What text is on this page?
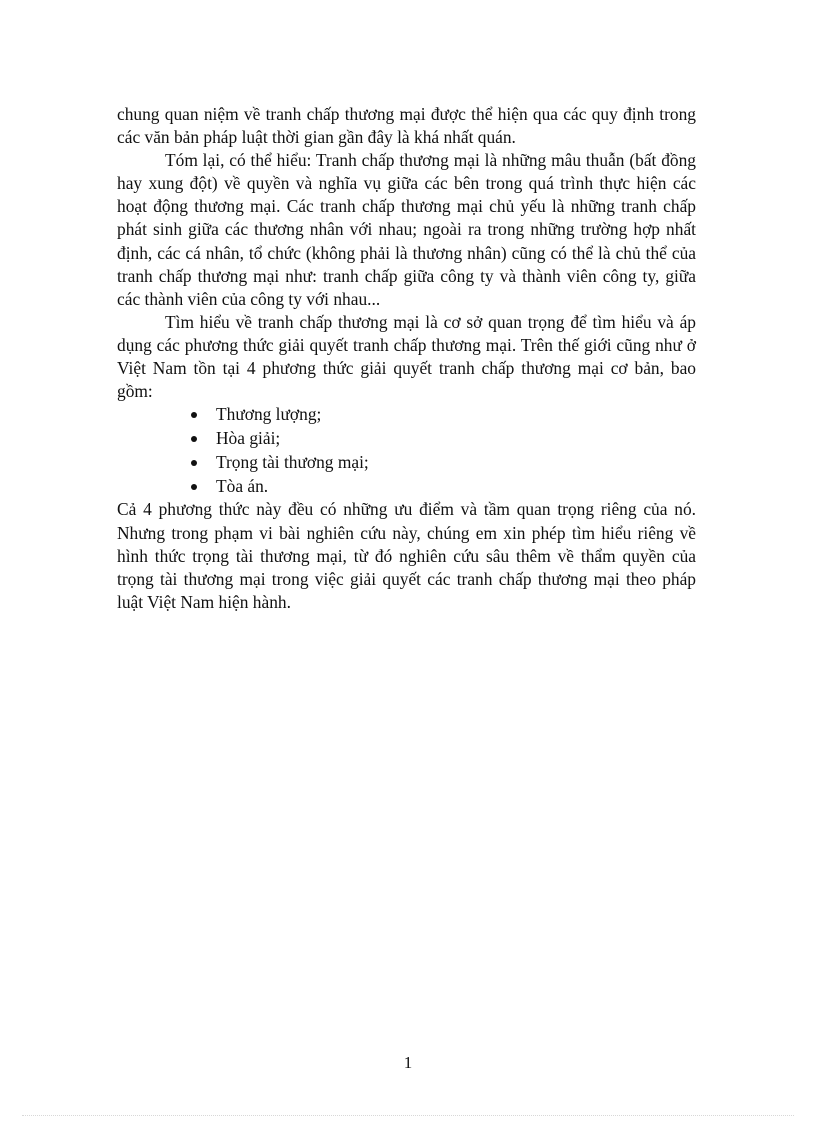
chung quan niệm về tranh chấp thương mại được thể hiện qua các quy định trong các văn bản pháp luật thời gian gần đây là khá nhất quán.

Tóm lại, có thể hiểu: Tranh chấp thương mại là những mâu thuẫn (bất đồng hay xung đột) về quyền và nghĩa vụ giữa các bên trong quá trình thực hiện các hoạt động thương mại. Các tranh chấp thương mại chủ yếu là những tranh chấp phát sinh giữa các thương nhân với nhau; ngoài ra trong những trường hợp nhất định, các cá nhân, tổ chức (không phải là thương nhân) cũng có thể là chủ thể của tranh chấp thương mại như: tranh chấp giữa công ty và thành viên công ty, giữa các thành viên của công ty với nhau...

Tìm hiểu về tranh chấp thương mại là cơ sở quan trọng để tìm hiểu và áp dụng các phương thức giải quyết tranh chấp thương mại. Trên thế giới cũng như ở Việt Nam tồn tại 4 phương thức giải quyết tranh chấp thương mại cơ bản, bao gồm:

Thương lượng;
Hòa giải;
Trọng tài thương mại;
Tòa án.

Cả 4 phương thức này đều có những ưu điểm và tầm quan trọng riêng của nó. Nhưng trong phạm vi bài nghiên cứu này, chúng em xin phép tìm hiểu riêng về hình thức trọng tài thương mại, từ đó nghiên cứu sâu thêm về thẩm quyền của trọng tài thương mại trong việc giải quyết các tranh chấp thương mại theo pháp luật Việt Nam hiện hành.

1
